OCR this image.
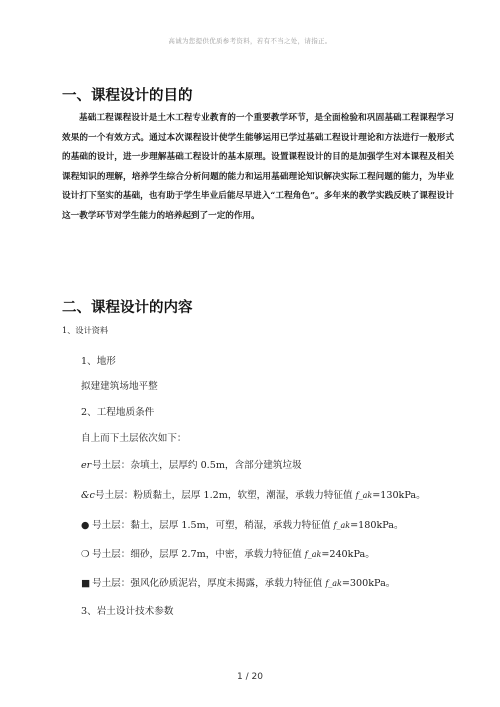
高诚为您提供优质参考资料，若有不当之处，请指正。
一、课程设计的目的
基础工程课程设计是土木工程专业教育的一个重要教学环节，是全面检验和巩固基础工程课程学习效果的一个有效方式。通过本次课程设计使学生能够运用已学过基础工程设计理论和方法进行一般形式的基础的设计，进一步理解基础工程设计的基本原理。设置课程设计的目的是加强学生对本课程及相关课程知识的理解，培养学生综合分析问题的能力和运用基础理论知识解决实际工程问题的能力，为毕业设计打下坚实的基础，也有助于学生毕业后能尽早进入“工程角色”。多年来的教学实践反映了课程设计这一教学环节对学生能力的培养起到了一定的作用。
二、课程设计的内容
1、设计资料
1、地形
拟建建筑场地平整
2、工程地质条件
自上而下土层依次如下：
er号土层：杂填土，层厚约 0.5m，含部分建筑垃圾
&c号土层：粉质黏土，层厚 1.2m，软塑，潮湿，承载力特征值 f_ak=130kPa。
● 号土层：黏土，层厚 1.5m，可塑，稍湿，承载力特征值 f_ak=180kPa。
❍ 号土层：细砂，层厚 2.7m，中密，承载力特征值 f_ak=240kPa。
■ 号土层：强风化砂质泥岩，厚度未揭露，承载力特征值 f_ak=300kPa。
3、岩土设计技术参数
1 / 20
